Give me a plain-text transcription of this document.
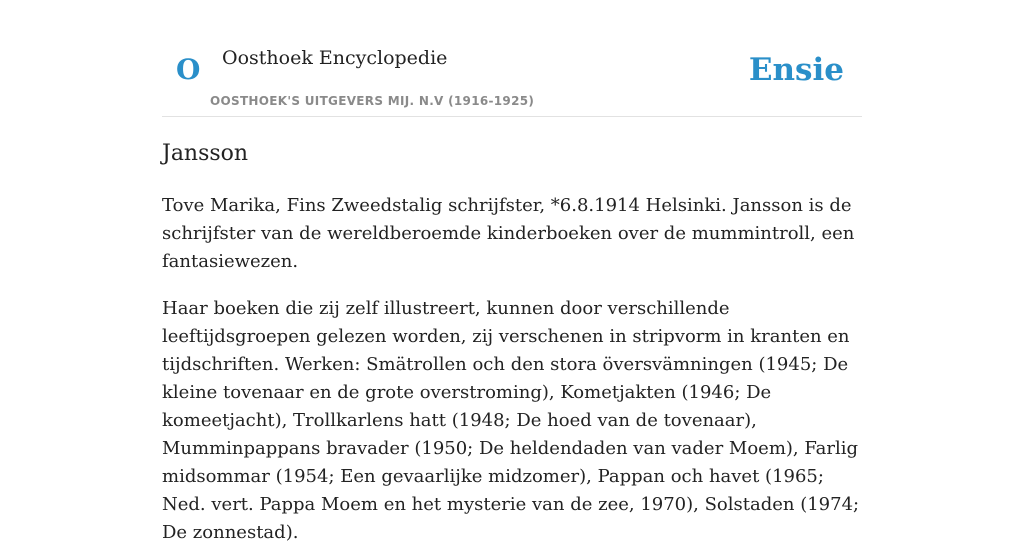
O Oosthoek Encyclopedie
OOSTHOEK'S UITGEVERS MIJ. N.V (1916-1925)
Ensie
Jansson

Tove Marika, Fins Zweedstalig schrijfster, *6.8.1914 Helsinki. Jansson is de schrijfster van de wereldberoemde kinderboeken over de mummintroll, een fantasiewezen.

Haar boeken die zij zelf illustreert, kunnen door verschillende leeftijdsgroepen gelezen worden, zij verschenen in stripvorm in kranten en tijdschriften. Werken: Smätrollen och den stora översvämningen (1945; De kleine tovenaar en de grote overstroming), Kometjakten (1946; De komeetjacht), Trollkarlens hatt (1948; De hoed van de tovenaar), Mumminpappans bravader (1950; De heldendaden van vader Moem), Farlig midsommar (1954; Een gevaarlijke midzomer), Pappan och havet (1965; Ned. vert. Pappa Moem en het mysterie van de zee, 1970), Solstaden (1974; De zonnestad).
